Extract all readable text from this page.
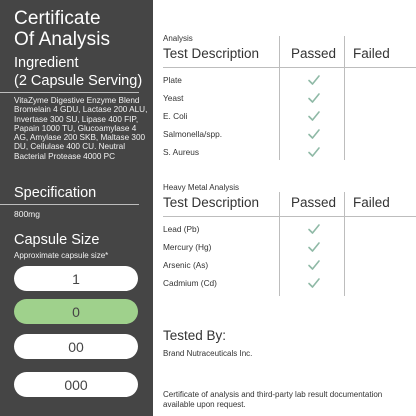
Certificate
Of Analysis
Ingredient
(2 Capsule Serving)
VitaZyme Digestive Enzyme Blend Bromelain 4 GDU, Lactase 200 ALU, Invertase 300 SU, Lipase 400 FIP, Papain 1000 TU, Glucoamylase 4 AG, Amylase 200 SKB, Maltase 300 DU, Cellulase 400 CU. Neutral Bacterial Protease 4000 PC
Specification
800mg
Capsule Size
Approximate capsule size*
1
0
00
000
Analysis
Test Description Passed Failed
Plate
Yeast
E. Coli
Salmonella/spp.
S. Aureus
Heavy Metal Analysis
Test Description Passed Failed
Lead (Pb)
Mercury (Hg)
Arsenic (As)
Cadmium (Cd)
Tested By:
Brand Nutraceuticals Inc.
Certificate of analysis and third-party lab result documentation available upon request.
